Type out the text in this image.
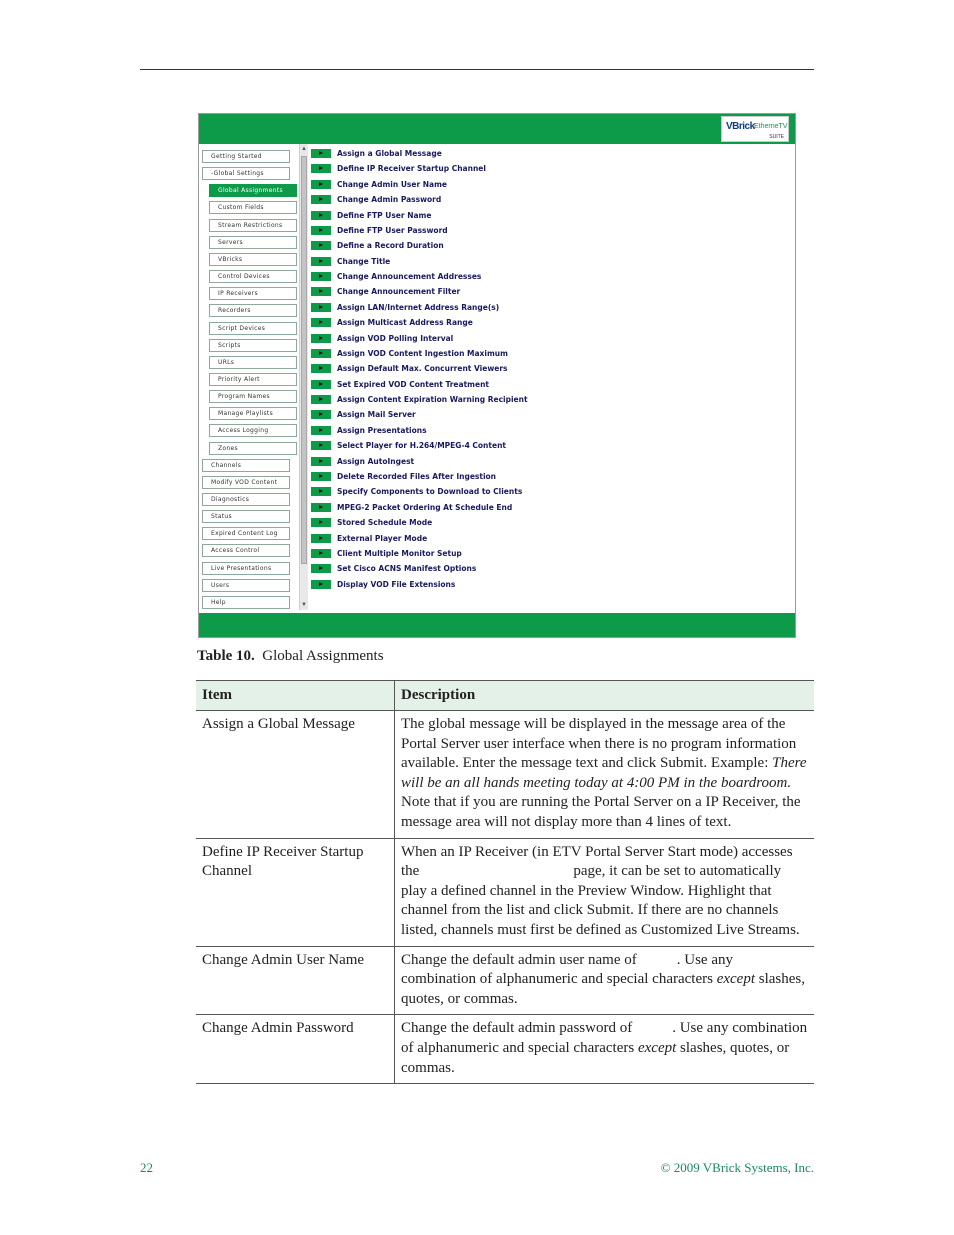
VBrick EtherneTV
SUITE
▲
▼
Getting Started
-Global Settings
Global Assignments
Custom Fields
Stream Restrictions
Servers
VBricks
Control Devices
IP Receivers
Recorders
Script Devices
Scripts
URLs
Priority Alert
Program Names
Manage Playlists
Access Logging
Zones
Channels
Modify VOD Content
Diagnostics
Status
Expired Content Log
Access Control
Live Presentations
Users
Help
Assign a Global Message
Define IP Receiver Startup Channel
Change Admin User Name
Change Admin Password
Define FTP User Name
Define FTP User Password
Define a Record Duration
Change Title
Change Announcement Addresses
Change Announcement Filter
Assign LAN/Internet Address Range(s)
Assign Multicast Address Range
Assign VOD Polling Interval
Assign VOD Content Ingestion Maximum
Assign Default Max. Concurrent Viewers
Set Expired VOD Content Treatment
Assign Content Expiration Warning Recipient
Assign Mail Server
Assign Presentations
Select Player for H.264/MPEG-4 Content
Assign AutoIngest
Delete Recorded Files After Ingestion
Specify Components to Download to Clients
MPEG-2 Packet Ordering At Schedule End
Stored Schedule Mode
External Player Mode
Client Multiple Monitor Setup
Set Cisco ACNS Manifest Options
Display VOD File Extensions
Table 10. Global Assignments
Item	Description
Assign a Global Message	The global message will be displayed in the message area of the Portal Server user interface when there is no program information available. Enter the message text and click Submit. Example: There will be an all hands meeting today at 4:00 PM in the boardroom. Note that if you are running the Portal Server on a IP Receiver, the message area will not display more than 4 lines of text.
Define IP Receiver Startup Channel	When an IP Receiver (in ETV Portal Server Start mode) accesses the page, it can be set to automatically play a defined channel in the Preview Window. Highlight that channel from the list and click Submit. If there are no channels listed, channels must first be defined as Customized Live Streams.
Change Admin User Name	Change the default admin user name of . Use any combination of alphanumeric and special characters except slashes, quotes, or commas.
Change Admin Password	Change the default admin password of . Use any combination of alphanumeric and special characters except slashes, quotes, or commas.
22	© 2009 VBrick Systems, Inc.
